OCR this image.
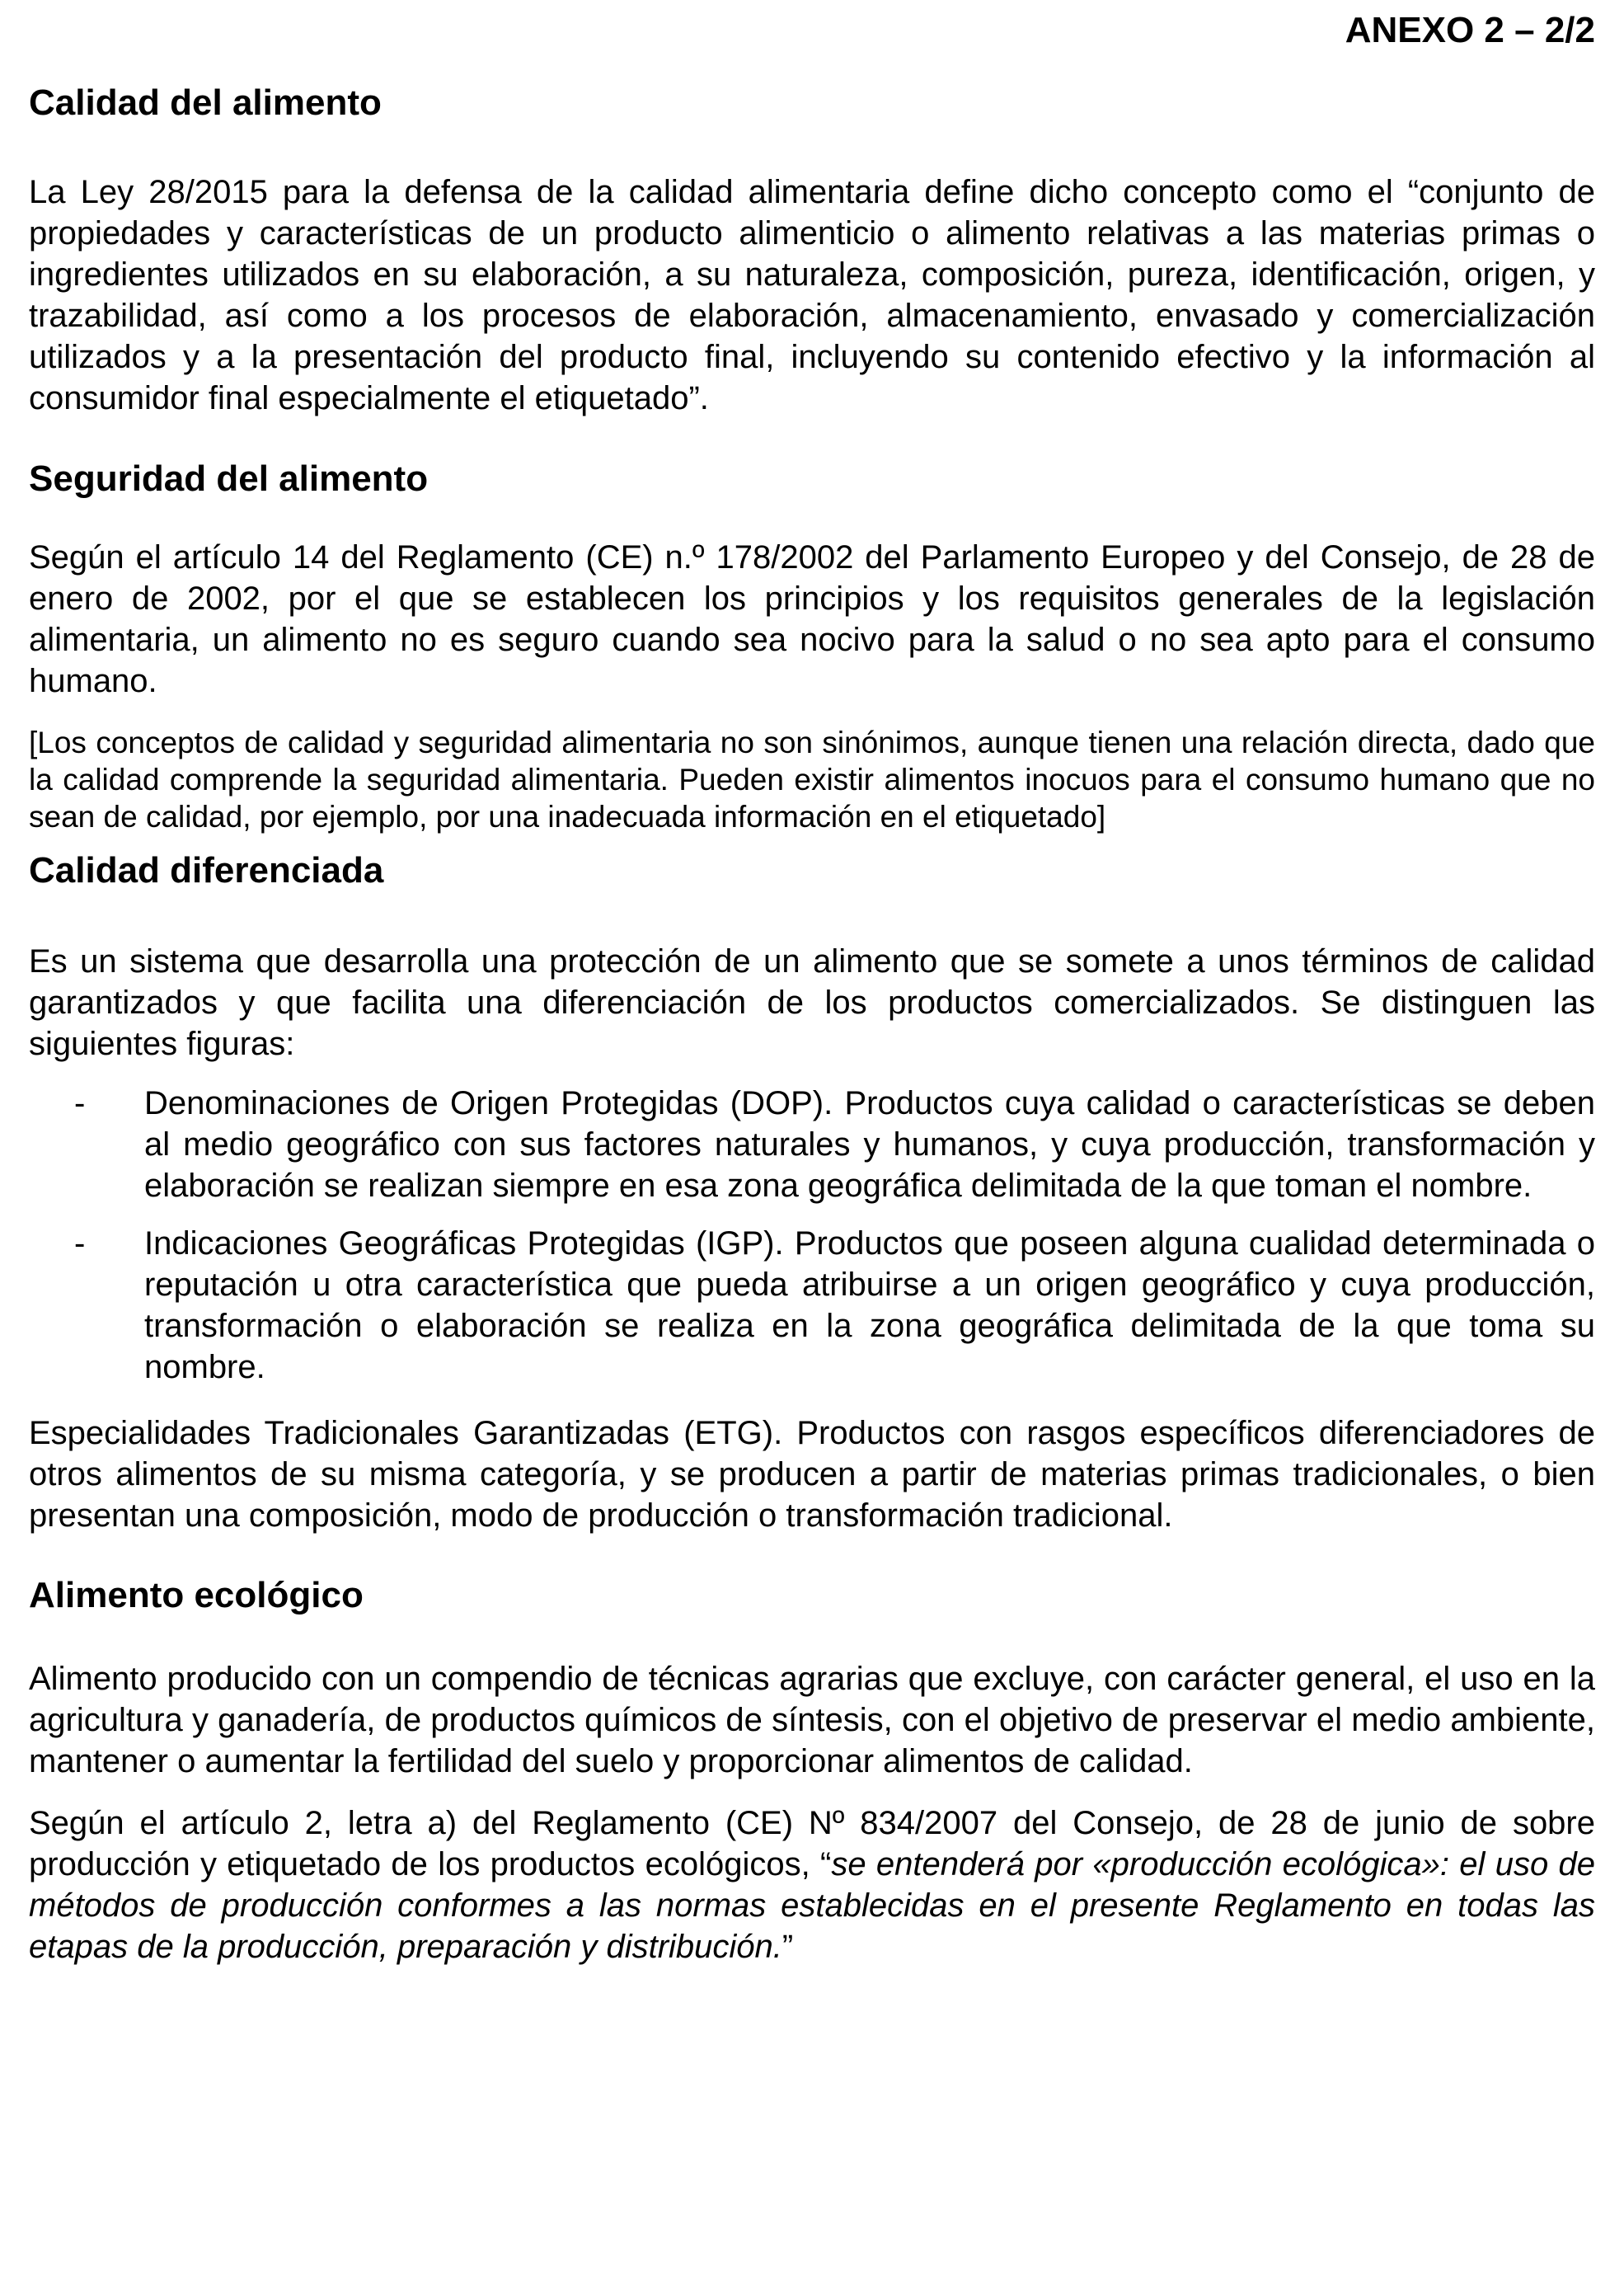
ANEXO 2 – 2/2
Calidad del alimento

La Ley 28/2015 para la defensa de la calidad alimentaria define dicho concepto como el “conjunto de propiedades y características de un producto alimenticio o alimento relativas a las materias primas o ingredientes utilizados en su elaboración, a su naturaleza, composición, pureza, identificación, origen, y trazabilidad, así como a los procesos de elaboración, almacenamiento, envasado y comercialización utilizados y a la presentación del producto final, incluyendo su contenido efectivo y la información al consumidor final especialmente el etiquetado”.

Seguridad del alimento

Según el artículo 14 del Reglamento (CE) n.º 178/2002 del Parlamento Europeo y del Consejo, de 28 de enero de 2002, por el que se establecen los principios y los requisitos generales de la legislación alimentaria, un alimento no es seguro cuando sea nocivo para la salud o no sea apto para el consumo humano.

[Los conceptos de calidad y seguridad alimentaria no son sinónimos, aunque tienen una relación directa, dado que la calidad comprende la seguridad alimentaria. Pueden existir alimentos inocuos para el consumo humano que no sean de calidad, por ejemplo, por una inadecuada información en el etiquetado]

Calidad diferenciada

Es un sistema que desarrolla una protección de un alimento que se somete a unos términos de calidad garantizados y que facilita una diferenciación de los productos comercializados. Se distinguen las siguientes figuras:

-	Denominaciones de Origen Protegidas (DOP). Productos cuya calidad o características se deben al medio geográfico con sus factores naturales y humanos, y cuya producción, transformación y elaboración se realizan siempre en esa zona geográfica delimitada de la que toman el nombre.
-	Indicaciones Geográficas Protegidas (IGP). Productos que poseen alguna cualidad determinada o reputación u otra característica que pueda atribuirse a un origen geográfico y cuya producción, transformación o elaboración se realiza en la zona geográfica delimitada de la que toma su nombre.

Especialidades Tradicionales Garantizadas (ETG). Productos con rasgos específicos diferenciadores de otros alimentos de su misma categoría, y se producen a partir de materias primas tradicionales, o bien presentan una composición, modo de producción o transformación tradicional.

Alimento ecológico

Alimento producido con un compendio de técnicas agrarias que excluye, con carácter general, el uso en la agricultura y ganadería, de productos químicos de síntesis, con el objetivo de preservar el medio ambiente, mantener o aumentar la fertilidad del suelo y proporcionar alimentos de calidad.

Según el artículo 2, letra a) del Reglamento (CE) Nº 834/2007 del Consejo, de 28 de junio de sobre producción y etiquetado de los productos ecológicos, “se entenderá por «producción ecológica»: el uso de métodos de producción conformes a las normas establecidas en el presente Reglamento en todas las etapas de la producción, preparación y distribución.”
